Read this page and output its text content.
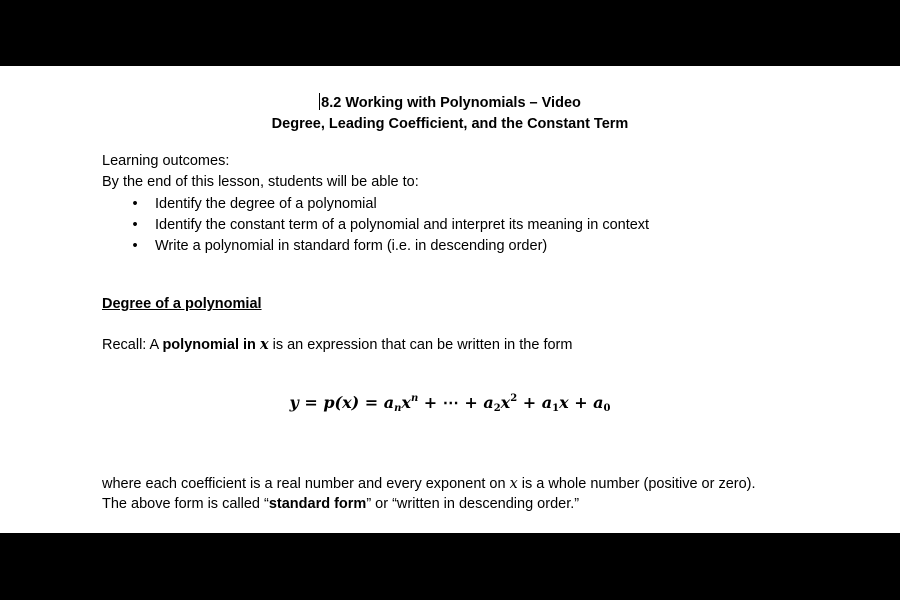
8.2 Working with Polynomials – Video
Degree, Leading Coefficient, and the Constant Term
Learning outcomes:
By the end of this lesson, students will be able to:
• Identify the degree of a polynomial
• Identify the constant term of a polynomial and interpret its meaning in context
• Write a polynomial in standard form (i.e. in descending order)
Degree of a polynomial
Recall: A polynomial in x is an expression that can be written in the form
$y = p(x) = a_nx^n$ + ⋯ + $a_2x^2 + a_1x + a_0$
where each coefficient is a real number and every exponent on x is a whole number (positive or zero).
The above form is called “standard form” or “written in descending order.”
